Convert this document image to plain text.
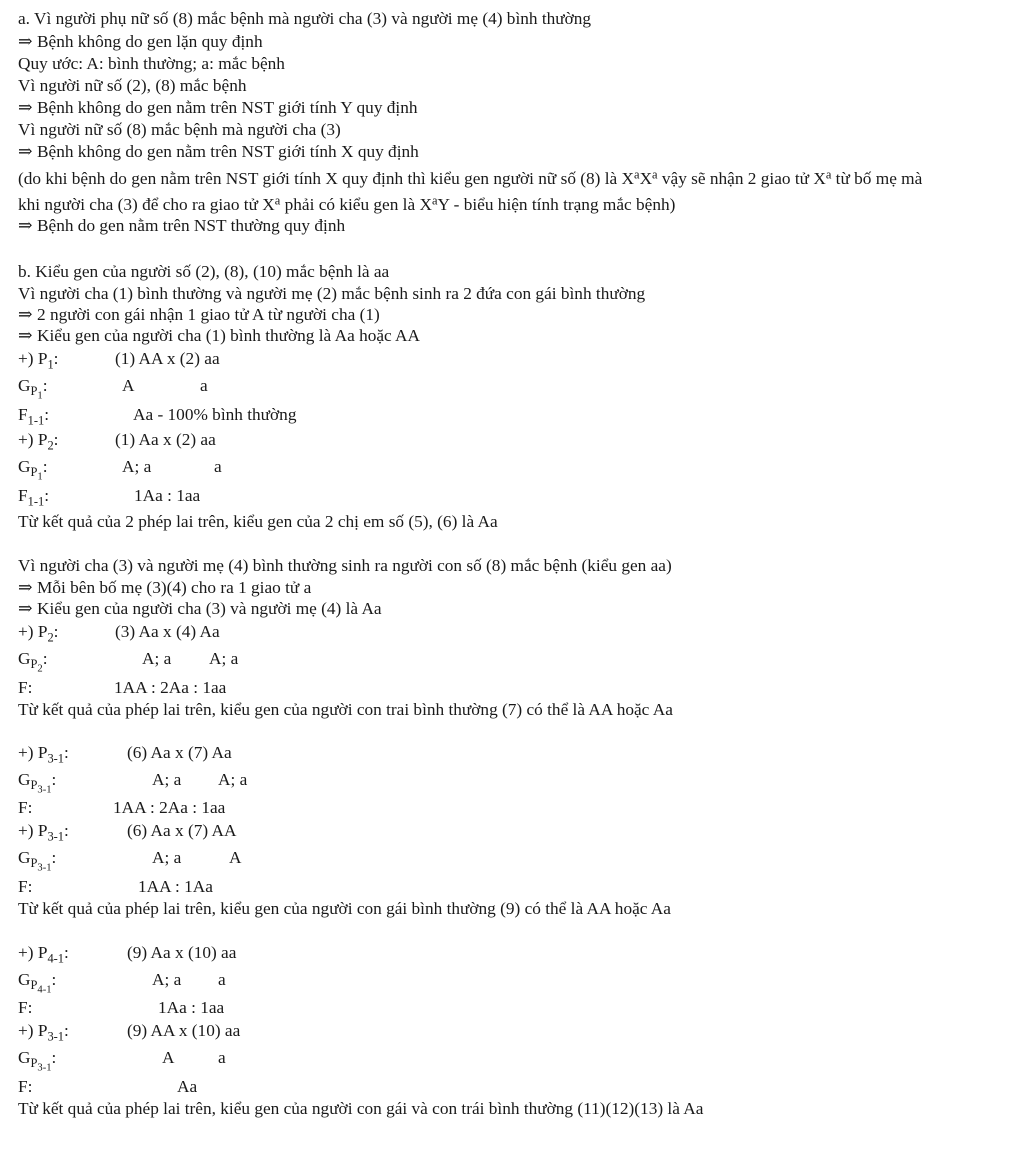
a. Vì người phụ nữ số (8) mắc bệnh mà người cha (3) và người mẹ (4) bình thường
⇒ Bệnh không do gen lặn quy định
Quy ước: A: bình thường; a: mắc bệnh
Vì người nữ số (2), (8) mắc bệnh
⇒ Bệnh không do gen nằm trên NST giới tính Y quy định
Vì người nữ số (8) mắc bệnh mà người cha (3)
⇒ Bệnh không do gen nằm trên NST giới tính X quy định
(do khi bệnh do gen nằm trên NST giới tính X quy định thì kiểu gen người nữ số (8) là $X^aX^a$ vậy sẽ nhận 2 giao tử $X^a$ từ bố mẹ mà
khi người cha (3) để cho ra giao tử $X^a$ phải có kiểu gen là $X^aY$ - biểu hiện tính trạng mắc bệnh)
⇒ Bệnh do gen nằm trên NST thường quy định
b. Kiểu gen của người số (2), (8), (10) mắc bệnh là aa
Vì người cha (1) bình thường và người mẹ (2) mắc bệnh sinh ra 2 đứa con gái bình thường
⇒ 2 người con gái nhận 1 giao tử A từ người cha (1)
⇒ Kiểu gen của người cha (1) bình thường là Aa hoặc AA
+) $P_1$:	(1) AA x (2) aa
$G_{P_1}$:	A	a
$F_{1-1}$:	Aa - 100% bình thường
+) $P_2$:	(1) Aa x (2) aa
$G_{P_1}$:	A; a	a
$F_{1-1}$:	1Aa : 1aa
Từ kết quả của 2 phép lai trên, kiểu gen của 2 chị em số (5), (6) là Aa
Vì người cha (3) và người mẹ (4) bình thường sinh ra người con số (8) mắc bệnh (kiểu gen aa)
⇒ Mỗi bên bố mẹ (3)(4) cho ra 1 giao tử a
⇒ Kiểu gen của người cha (3) và người mẹ (4) là Aa
+) $P_2$:	(3) Aa x (4) Aa
$G_{P_2}$:	A; a A; a
F:	1AA : 2Aa : 1aa
Từ kết quả của phép lai trên, kiểu gen của người con trai bình thường (7) có thể là AA hoặc Aa
+) $P_{3-1}$:	(6) Aa x (7) Aa
$G_{P_{3-1}}$:	A; a A; a
F:	1AA : 2Aa : 1aa
+) $P_{3-1}$:	(6) Aa x (7) AA
$G_{P_{3-1}}$:	A; a	A
F:	1AA : 1Aa
Từ kết quả của phép lai trên, kiểu gen của người con gái bình thường (9) có thể là AA hoặc Aa
+) $P_{4-1}$:	(9) Aa x (10) aa
$G_{P_{4-1}}$:	A; a a
F:	1Aa : 1aa
+) $P_{3-1}$:	(9) AA x (10) aa
$G_{P_{3-1}}$:	A	a
F:	Aa
Từ kết quả của phép lai trên, kiểu gen của người con gái và con trái bình thường (11)(12)(13) là Aa
